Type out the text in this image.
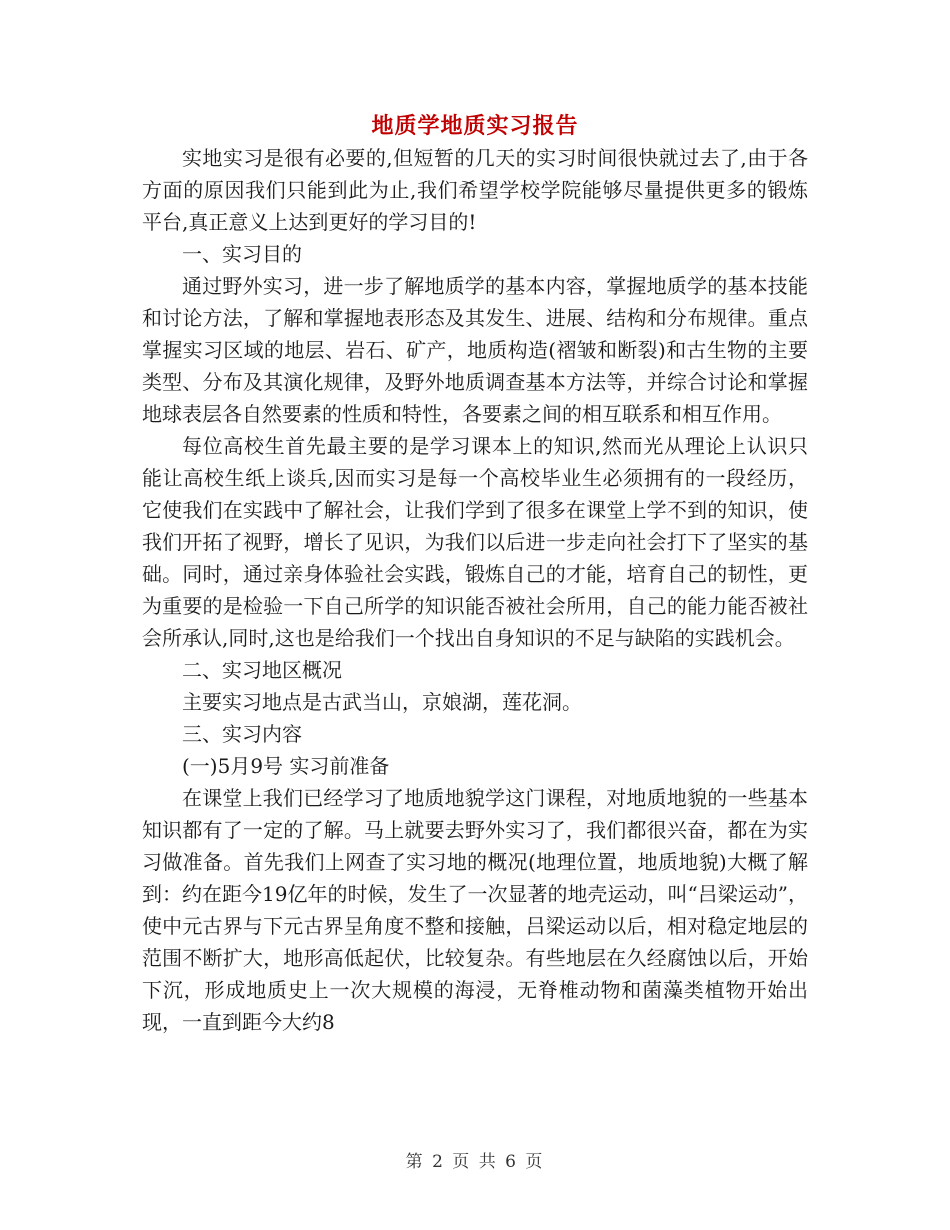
地质学地质实习报告

实地实习是很有必要的,但短暂的几天的实习时间很快就过去了,由于各方面的原因我们只能到此为止,我们希望学校学院能够尽量提供更多的锻炼平台,真正意义上达到更好的学习目的!

一、实习目的

通过野外实习，进一步了解地质学的基本内容，掌握地质学的基本技能和讨论方法，了解和掌握地表形态及其发生、进展、结构和分布规律。重点掌握实习区域的地层、岩石、矿产，地质构造(褶皱和断裂)和古生物的主要类型、分布及其演化规律，及野外地质调查基本方法等，并综合讨论和掌握地球表层各自然要素的性质和特性，各要素之间的相互联系和相互作用。

每位高校生首先最主要的是学习课本上的知识,然而光从理论上认识只能让高校生纸上谈兵,因而实习是每一个高校毕业生必须拥有的一段经历，它使我们在实践中了解社会，让我们学到了很多在课堂上学不到的知识，使我们开拓了视野，增长了见识，为我们以后进一步走向社会打下了坚实的基础。同时，通过亲身体验社会实践，锻炼自己的才能，培育自己的韧性，更为重要的是检验一下自己所学的知识能否被社会所用，自己的能力能否被社会所承认,同时,这也是给我们一个找出自身知识的不足与缺陷的实践机会。

二、实习地区概况

主要实习地点是古武当山，京娘湖，莲花洞。

三、实习内容

(一)5月9号 实习前准备

在课堂上我们已经学习了地质地貌学这门课程，对地质地貌的一些基本知识都有了一定的了解。马上就要去野外实习了，我们都很兴奋，都在为实习做准备。首先我们上网查了实习地的概况(地理位置，地质地貌)大概了解到：约在距今19亿年的时候，发生了一次显著的地壳运动，叫“吕梁运动”，使中元古界与下元古界呈角度不整和接触，吕梁运动以后，相对稳定地层的范围不断扩大，地形高低起伏，比较复杂。有些地层在久经腐蚀以后，开始下沉，形成地质史上一次大规模的海浸，无脊椎动物和菌藻类植物开始出现，一直到距今大约8

第 2 页 共 6 页
